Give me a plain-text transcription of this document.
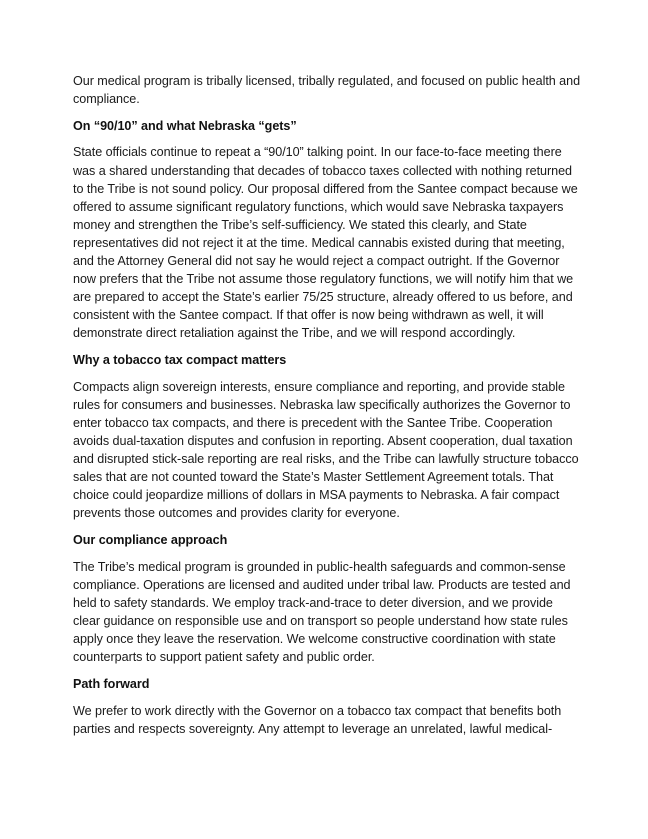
Our medical program is tribally licensed, tribally regulated, and focused on public health and compliance.

On “90/10” and what Nebraska “gets”

State officials continue to repeat a “90/10” talking point. In our face-to-face meeting there was a shared understanding that decades of tobacco taxes collected with nothing returned to the Tribe is not sound policy. Our proposal differed from the Santee compact because we offered to assume significant regulatory functions, which would save Nebraska taxpayers money and strengthen the Tribe’s self-sufficiency. We stated this clearly, and State representatives did not reject it at the time. Medical cannabis existed during that meeting, and the Attorney General did not say he would reject a compact outright. If the Governor now prefers that the Tribe not assume those regulatory functions, we will notify him that we are prepared to accept the State’s earlier 75/25 structure, already offered to us before, and consistent with the Santee compact. If that offer is now being withdrawn as well, it will demonstrate direct retaliation against the Tribe, and we will respond accordingly.

Why a tobacco tax compact matters

Compacts align sovereign interests, ensure compliance and reporting, and provide stable rules for consumers and businesses. Nebraska law specifically authorizes the Governor to enter tobacco tax compacts, and there is precedent with the Santee Tribe. Cooperation avoids dual-taxation disputes and confusion in reporting. Absent cooperation, dual taxation and disrupted stick-sale reporting are real risks, and the Tribe can lawfully structure tobacco sales that are not counted toward the State’s Master Settlement Agreement totals. That choice could jeopardize millions of dollars in MSA payments to Nebraska. A fair compact prevents those outcomes and provides clarity for everyone.

Our compliance approach

The Tribe’s medical program is grounded in public-health safeguards and common-sense compliance. Operations are licensed and audited under tribal law. Products are tested and held to safety standards. We employ track-and-trace to deter diversion, and we provide clear guidance on responsible use and on transport so people understand how state rules apply once they leave the reservation. We welcome constructive coordination with state counterparts to support patient safety and public order.

Path forward

We prefer to work directly with the Governor on a tobacco tax compact that benefits both parties and respects sovereignty. Any attempt to leverage an unrelated, lawful medical-
